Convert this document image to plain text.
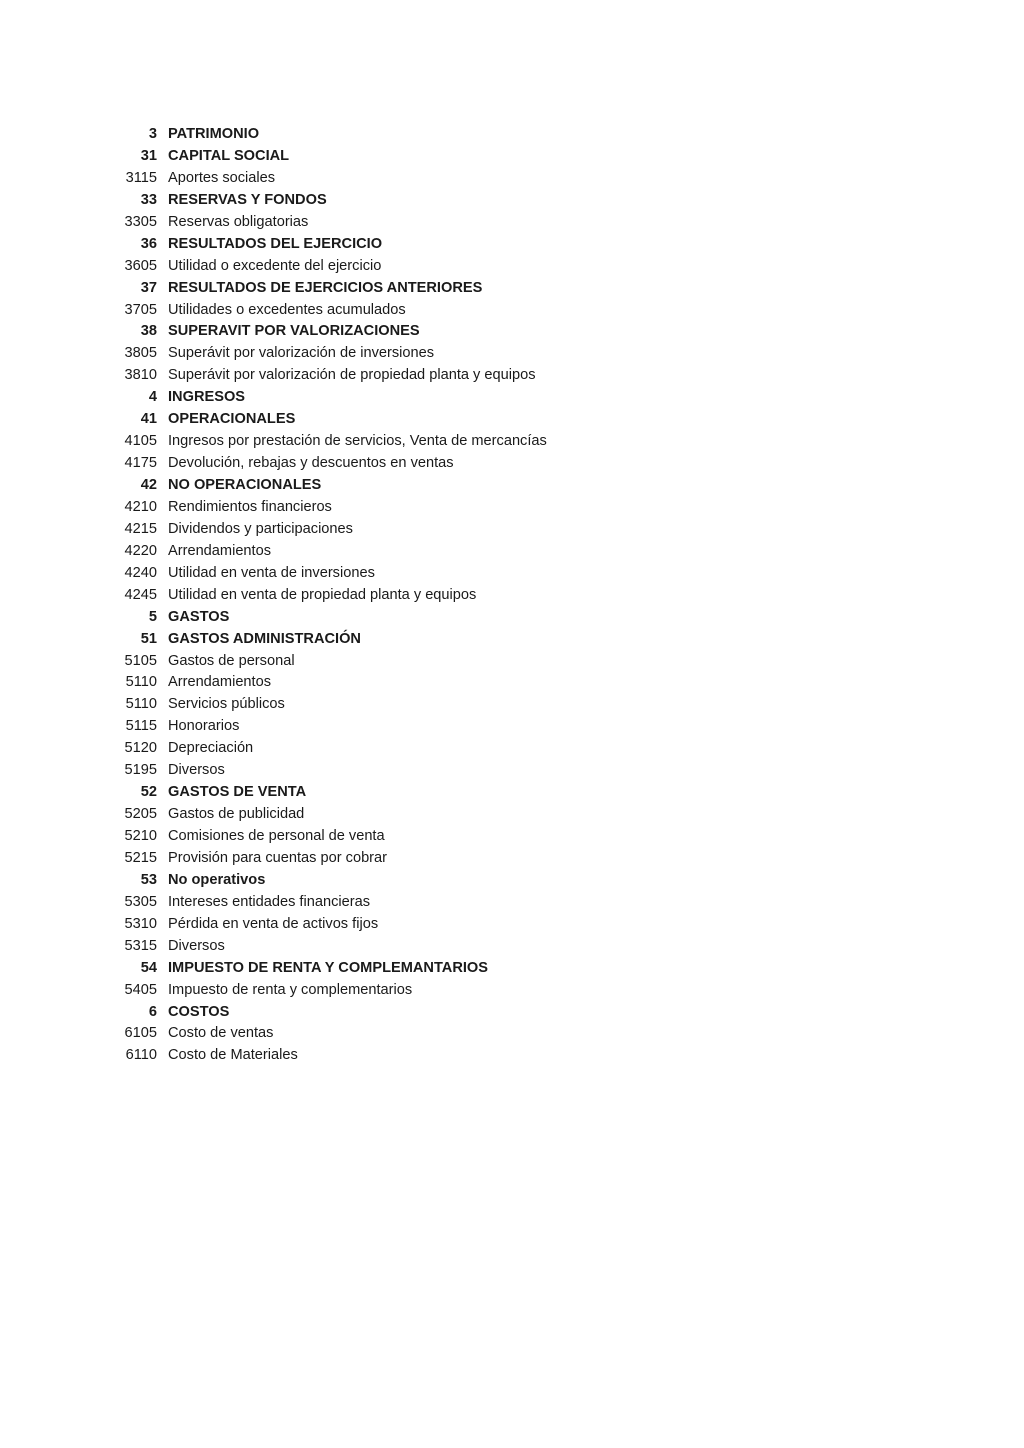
3 PATRIMONIO
31 CAPITAL SOCIAL
3115 Aportes sociales
33 RESERVAS Y FONDOS
3305 Reservas obligatorias
36 RESULTADOS DEL EJERCICIO
3605 Utilidad o excedente del ejercicio
37 RESULTADOS DE EJERCICIOS ANTERIORES
3705 Utilidades o excedentes acumulados
38 SUPERAVIT POR VALORIZACIONES
3805 Superávit por valorización de inversiones
3810 Superávit por valorización de propiedad planta y equipos
4 INGRESOS
41 OPERACIONALES
4105 Ingresos por prestación de servicios, Venta de mercancías
4175 Devolución, rebajas y descuentos en ventas
42 NO OPERACIONALES
4210 Rendimientos financieros
4215 Dividendos y participaciones
4220 Arrendamientos
4240 Utilidad en venta de inversiones
4245 Utilidad en venta de propiedad planta y equipos
5 GASTOS
51 GASTOS ADMINISTRACIÓN
5105 Gastos de personal
5110 Arrendamientos
5110 Servicios públicos
5115 Honorarios
5120 Depreciación
5195 Diversos
52 GASTOS DE VENTA
5205 Gastos de publicidad
5210 Comisiones de personal de venta
5215 Provisión para cuentas por cobrar
53 No operativos
5305 Intereses entidades financieras
5310 Pérdida en venta de activos fijos
5315 Diversos
54 IMPUESTO DE RENTA Y COMPLEMANTARIOS
5405 Impuesto de renta y complementarios
6 COSTOS
6105 Costo de ventas
6110 Costo de Materiales
